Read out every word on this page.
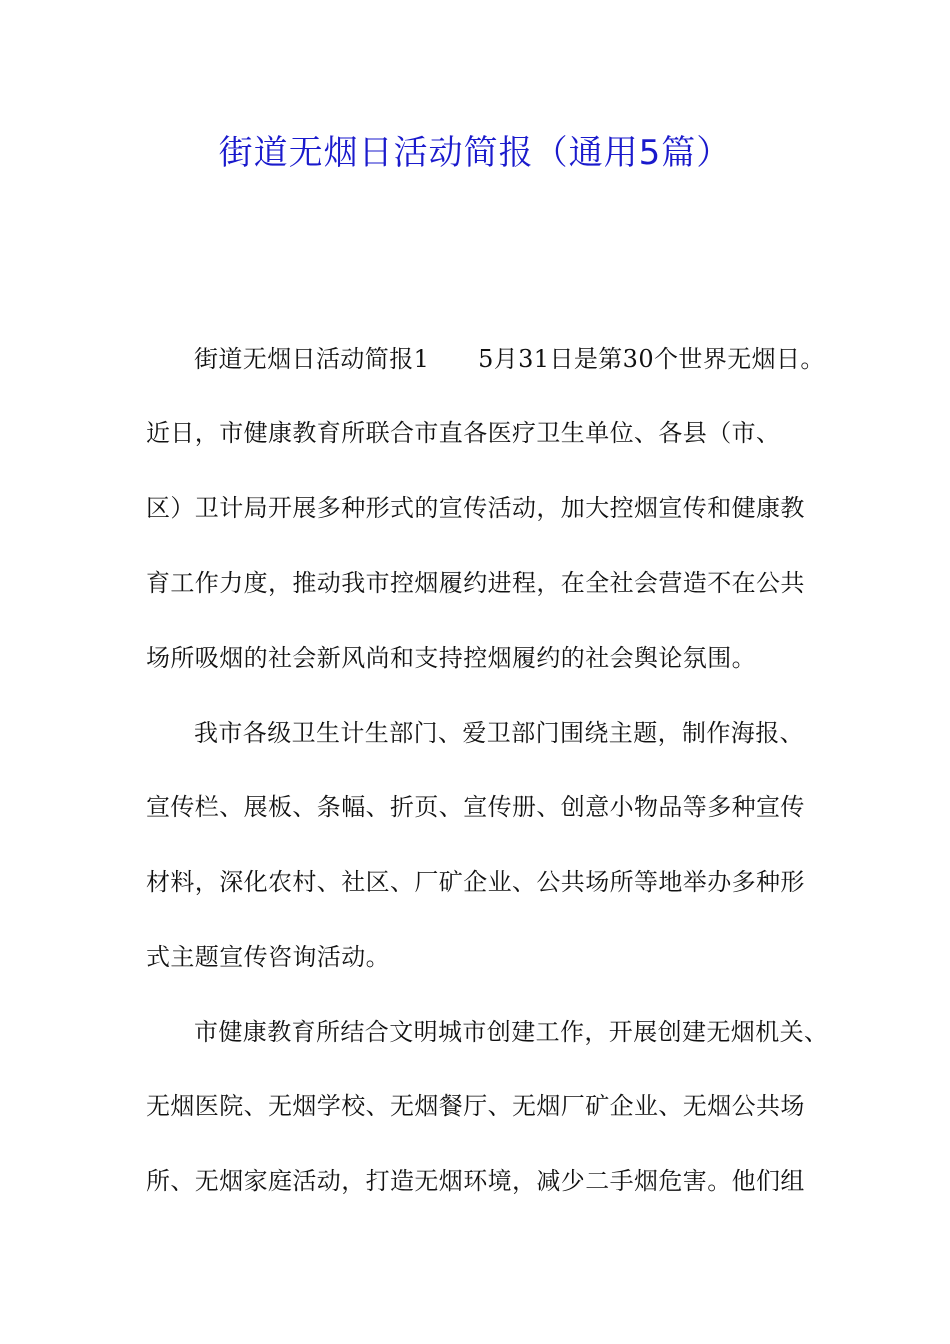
街道无烟日活动简报（通用5篇）
街道无烟日活动简报1　　5月31日是第30个世界无烟日。
近日，市健康教育所联合市直各医疗卫生单位、各县（市、
区）卫计局开展多种形式的宣传活动，加大控烟宣传和健康教
育工作力度，推动我市控烟履约进程，在全社会营造不在公共
场所吸烟的社会新风尚和支持控烟履约的社会舆论氛围。
我市各级卫生计生部门、爱卫部门围绕主题，制作海报、
宣传栏、展板、条幅、折页、宣传册、创意小物品等多种宣传
材料，深化农村、社区、厂矿企业、公共场所等地举办多种形
式主题宣传咨询活动。
市健康教育所结合文明城市创建工作，开展创建无烟机关、
无烟医院、无烟学校、无烟餐厅、无烟厂矿企业、无烟公共场
所、无烟家庭活动，打造无烟环境，减少二手烟危害。他们组
